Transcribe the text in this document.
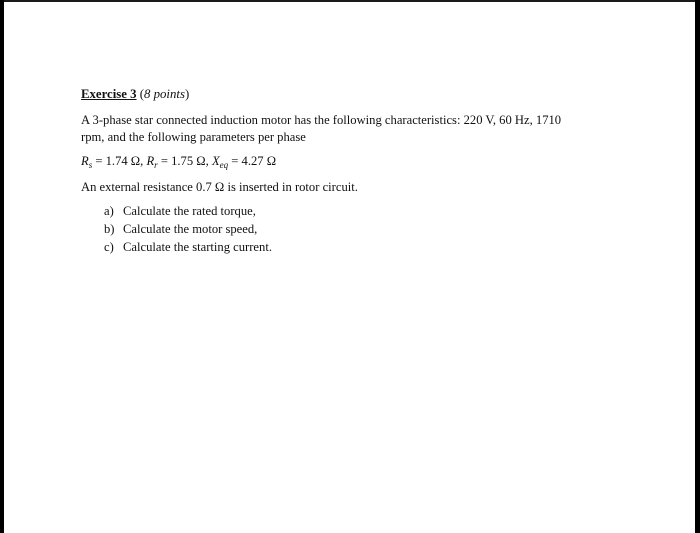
Exercise 3 (8 points)

A 3-phase star connected induction motor has the following characteristics: 220 V, 60 Hz, 1710
rpm, and the following parameters per phase

$R_s = 1.74$ Ω, $R_r = 1.75$ Ω, $X_{eq} = 4.27$ Ω

An external resistance 0.7 Ω is inserted in rotor circuit.

a) Calculate the rated torque,
b) Calculate the motor speed,
c) Calculate the starting current.
